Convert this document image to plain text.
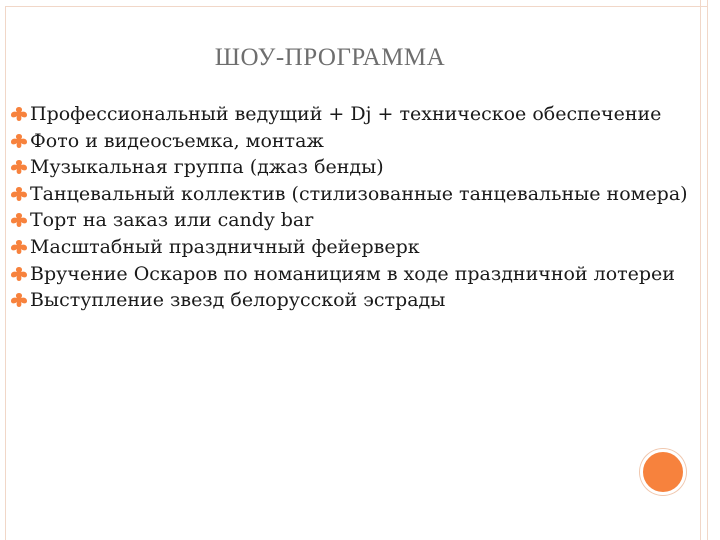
ШОУ-ПРОГРАММА
Профессиональный ведущий + Dj + техническое обеспечение
Фото и видеосъемка, монтаж
Музыкальная группа (джаз бенды)
Танцевальный коллектив (стилизованные танцевальные номера)
Торт на заказ или candy bar
Масштабный праздничный фейерверк
Вручение Оскаров по номанициям в ходе праздничной лотереи
Выступление звезд белорусской эстрады
